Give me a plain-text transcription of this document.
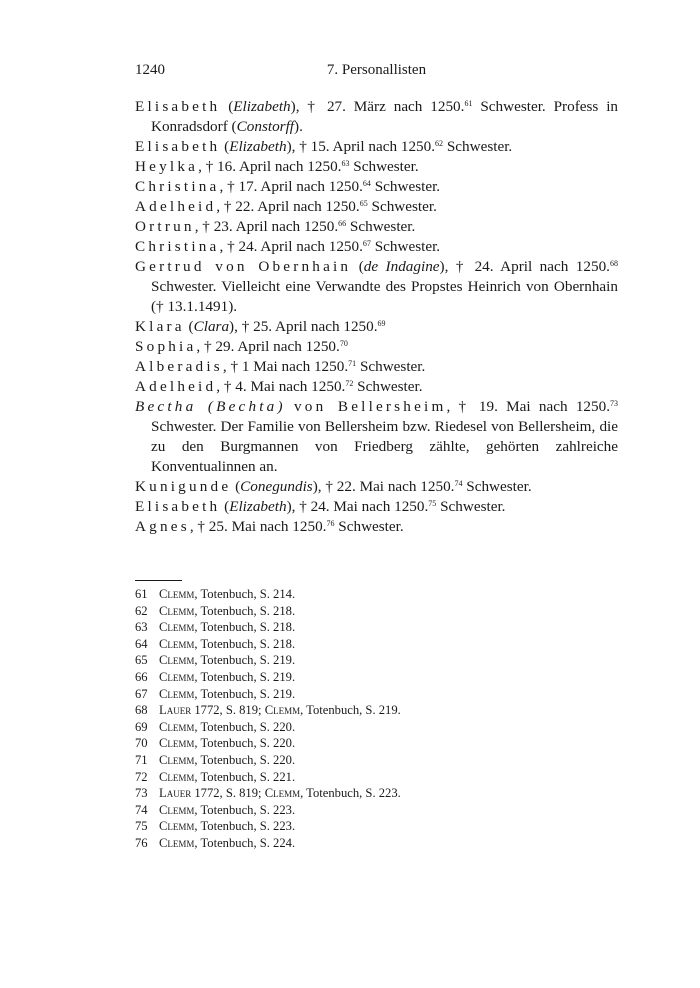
1240	7. Personallisten

Elisabeth (Elizabeth), † 27. März nach 1250.61 Schwester. Profess in Konradsdorf (Constorff).

Elisabeth (Elizabeth), † 15. April nach 1250.62 Schwester.

Heylka, † 16. April nach 1250.63 Schwester.

Christina, † 17. April nach 1250.64 Schwester.

Adelheid, † 22. April nach 1250.65 Schwester.

Ortrun, † 23. April nach 1250.66 Schwester.

Christina, † 24. April nach 1250.67 Schwester.

Gertrud von Obernhain (de Indagine), † 24. April nach 1250.68 Schwester. Vielleicht eine Verwandte des Propstes Heinrich von Obernhain († 13.1.1491).

Klara (Clara), † 25. April nach 1250.69

Sophia, † 29. April nach 1250.70

Alberadis, † 1 Mai nach 1250.71 Schwester.

Adelheid, † 4. Mai nach 1250.72 Schwester.

Bectha (Bechta) von Bellersheim, † 19. Mai nach 1250.73 Schwester. Der Familie von Bellersheim bzw. Riedesel von Bellersheim, die zu den Burgmannen von Friedberg zählte, gehörten zahlreiche Konventualinnen an.

Kunigunde (Conegundis), † 22. Mai nach 1250.74 Schwester.

Elisabeth (Elizabeth), † 24. Mai nach 1250.75 Schwester.

Agnes, † 25. Mai nach 1250.76 Schwester.

61 Clemm, Totenbuch, S. 214.
62 Clemm, Totenbuch, S. 218.
63 Clemm, Totenbuch, S. 218.
64 Clemm, Totenbuch, S. 218.
65 Clemm, Totenbuch, S. 219.
66 Clemm, Totenbuch, S. 219.
67 Clemm, Totenbuch, S. 219.
68 Lauer 1772, S. 819; Clemm, Totenbuch, S. 219.
69 Clemm, Totenbuch, S. 220.
70 Clemm, Totenbuch, S. 220.
71 Clemm, Totenbuch, S. 220.
72 Clemm, Totenbuch, S. 221.
73 Lauer 1772, S. 819; Clemm, Totenbuch, S. 223.
74 Clemm, Totenbuch, S. 223.
75 Clemm, Totenbuch, S. 223.
76 Clemm, Totenbuch, S. 224.
